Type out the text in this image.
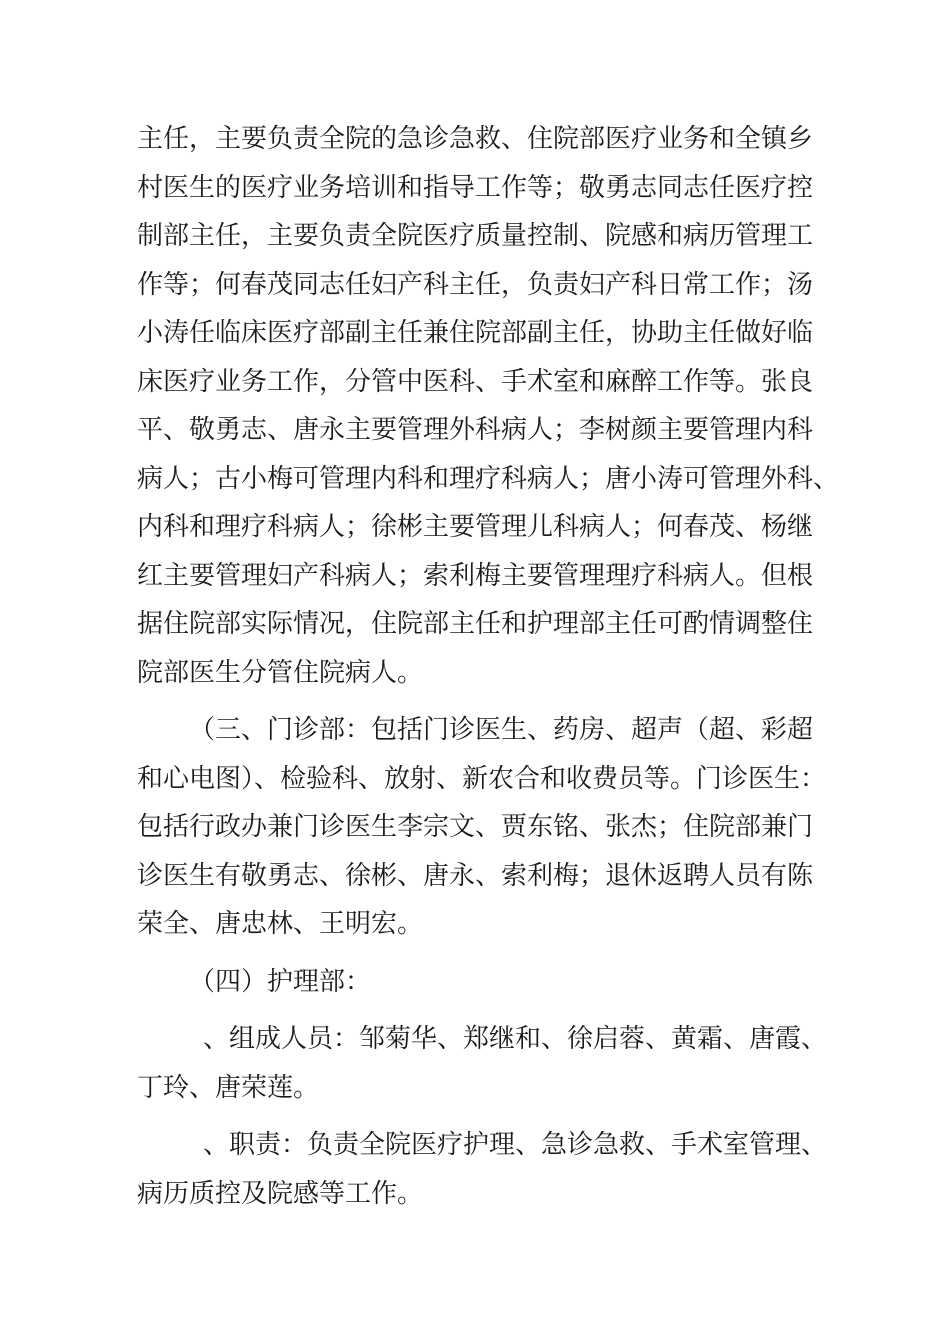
主任，主要负责全院的急诊急救、住院部医疗业务和全镇乡
村医生的医疗业务培训和指导工作等；敬勇志同志任医疗控
制部主任，主要负责全院医疗质量控制、院感和病历管理工
作等；何春茂同志任妇产科主任，负责妇产科日常工作；汤
小涛任临床医疗部副主任兼住院部副主任，协助主任做好临
床医疗业务工作，分管中医科、手术室和麻醉工作等。张良
平、敬勇志、唐永主要管理外科病人；李树颜主要管理内科
病人；古小梅可管理内科和理疗科病人；唐小涛可管理外科、
内科和理疗科病人；徐彬主要管理儿科病人；何春茂、杨继
红主要管理妇产科病人；索利梅主要管理理疗科病人。但根
据住院部实际情况，住院部主任和护理部主任可酌情调整住
院部医生分管住院病人。
（三、门诊部：包括门诊医生、药房、超声（超、彩超
和心电图）、检验科、放射、新农合和收费员等。门诊医生：
包括行政办兼门诊医生李宗文、贾东铭、张杰；住院部兼门
诊医生有敬勇志、徐彬、唐永、索利梅；退休返聘人员有陈
荣全、唐忠林、王明宏。
（四）护理部：
、组成人员：邹菊华、郑继和、徐启蓉、黄霜、唐霞、
丁玲、唐荣莲。
、职责：负责全院医疗护理、急诊急救、手术室管理、
病历质控及院感等工作。
